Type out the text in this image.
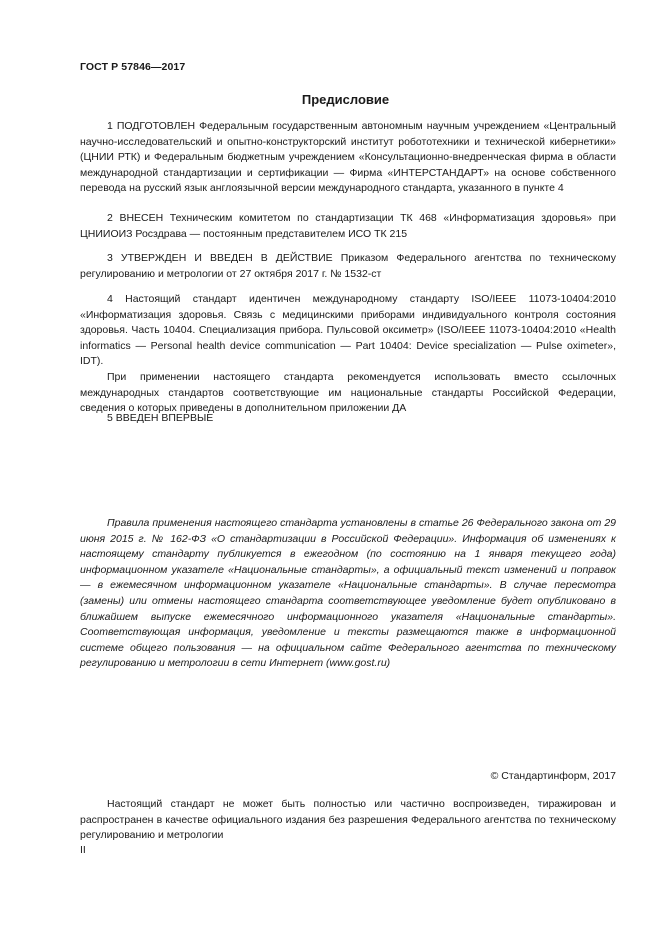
ГОСТ Р 57846—2017
Предисловие

1 ПОДГОТОВЛЕН Федеральным государственным автономным научным учреждением «Центральный научно-исследовательский и опытно-конструкторский институт робототехники и технической кибернетики» (ЦНИИ РТК) и Федеральным бюджетным учреждением «Консультационно-внедренческая фирма в области международной стандартизации и сертификации — Фирма «ИНТЕРСТАНДАРТ» на основе собственного перевода на русский язык англоязычной версии международного стандарта, указанного в пункте 4

2 ВНЕСЕН Техническим комитетом по стандартизации ТК 468 «Информатизация здоровья» при ЦНИИОИЗ Росздрава — постоянным представителем ИСО ТК 215

3 УТВЕРЖДЕН И ВВЕДЕН В ДЕЙСТВИЕ Приказом Федерального агентства по техническому регулированию и метрологии от 27 октября 2017 г. № 1532-ст

4 Настоящий стандарт идентичен международному стандарту ISO/IEEE 11073-10404:2010 «Информатизация здоровья. Связь с медицинскими приборами индивидуального контроля состояния здоровья. Часть 10404. Специализация прибора. Пульсовой оксиметр» (ISO/IEEE 11073-10404:2010 «Health informatics — Personal health device communication — Part 10404: Device specialization — Pulse oximeter», IDT).

При применении настоящего стандарта рекомендуется использовать вместо ссылочных международных стандартов соответствующие им национальные стандарты Российской Федерации, сведения о которых приведены в дополнительном приложении ДА

5 ВВЕДЕН ВПЕРВЫЕ

Правила применения настоящего стандарта установлены в статье 26 Федерального закона от 29 июня 2015 г. № 162-ФЗ «О стандартизации в Российской Федерации». Информация об изменениях к настоящему стандарту публикуется в ежегодном (по состоянию на 1 января текущего года) информационном указателе «Национальные стандарты», а официальный текст изменений и поправок — в ежемесячном информационном указателе «Национальные стандарты». В случае пересмотра (замены) или отмены настоящего стандарта соответствующее уведомление будет опубликовано в ближайшем выпуске ежемесячного информационного указателя «Национальные стандарты». Соответствующая информация, уведомление и тексты размещаются также в информационной системе общего пользования — на официальном сайте Федерального агентства по техническому регулированию и метрологии в сети Интернет (www.gost.ru)

© Стандартинформ, 2017

Настоящий стандарт не может быть полностью или частично воспроизведен, тиражирован и распространен в качестве официального издания без разрешения Федерального агентства по техническому регулированию и метрологии

II
